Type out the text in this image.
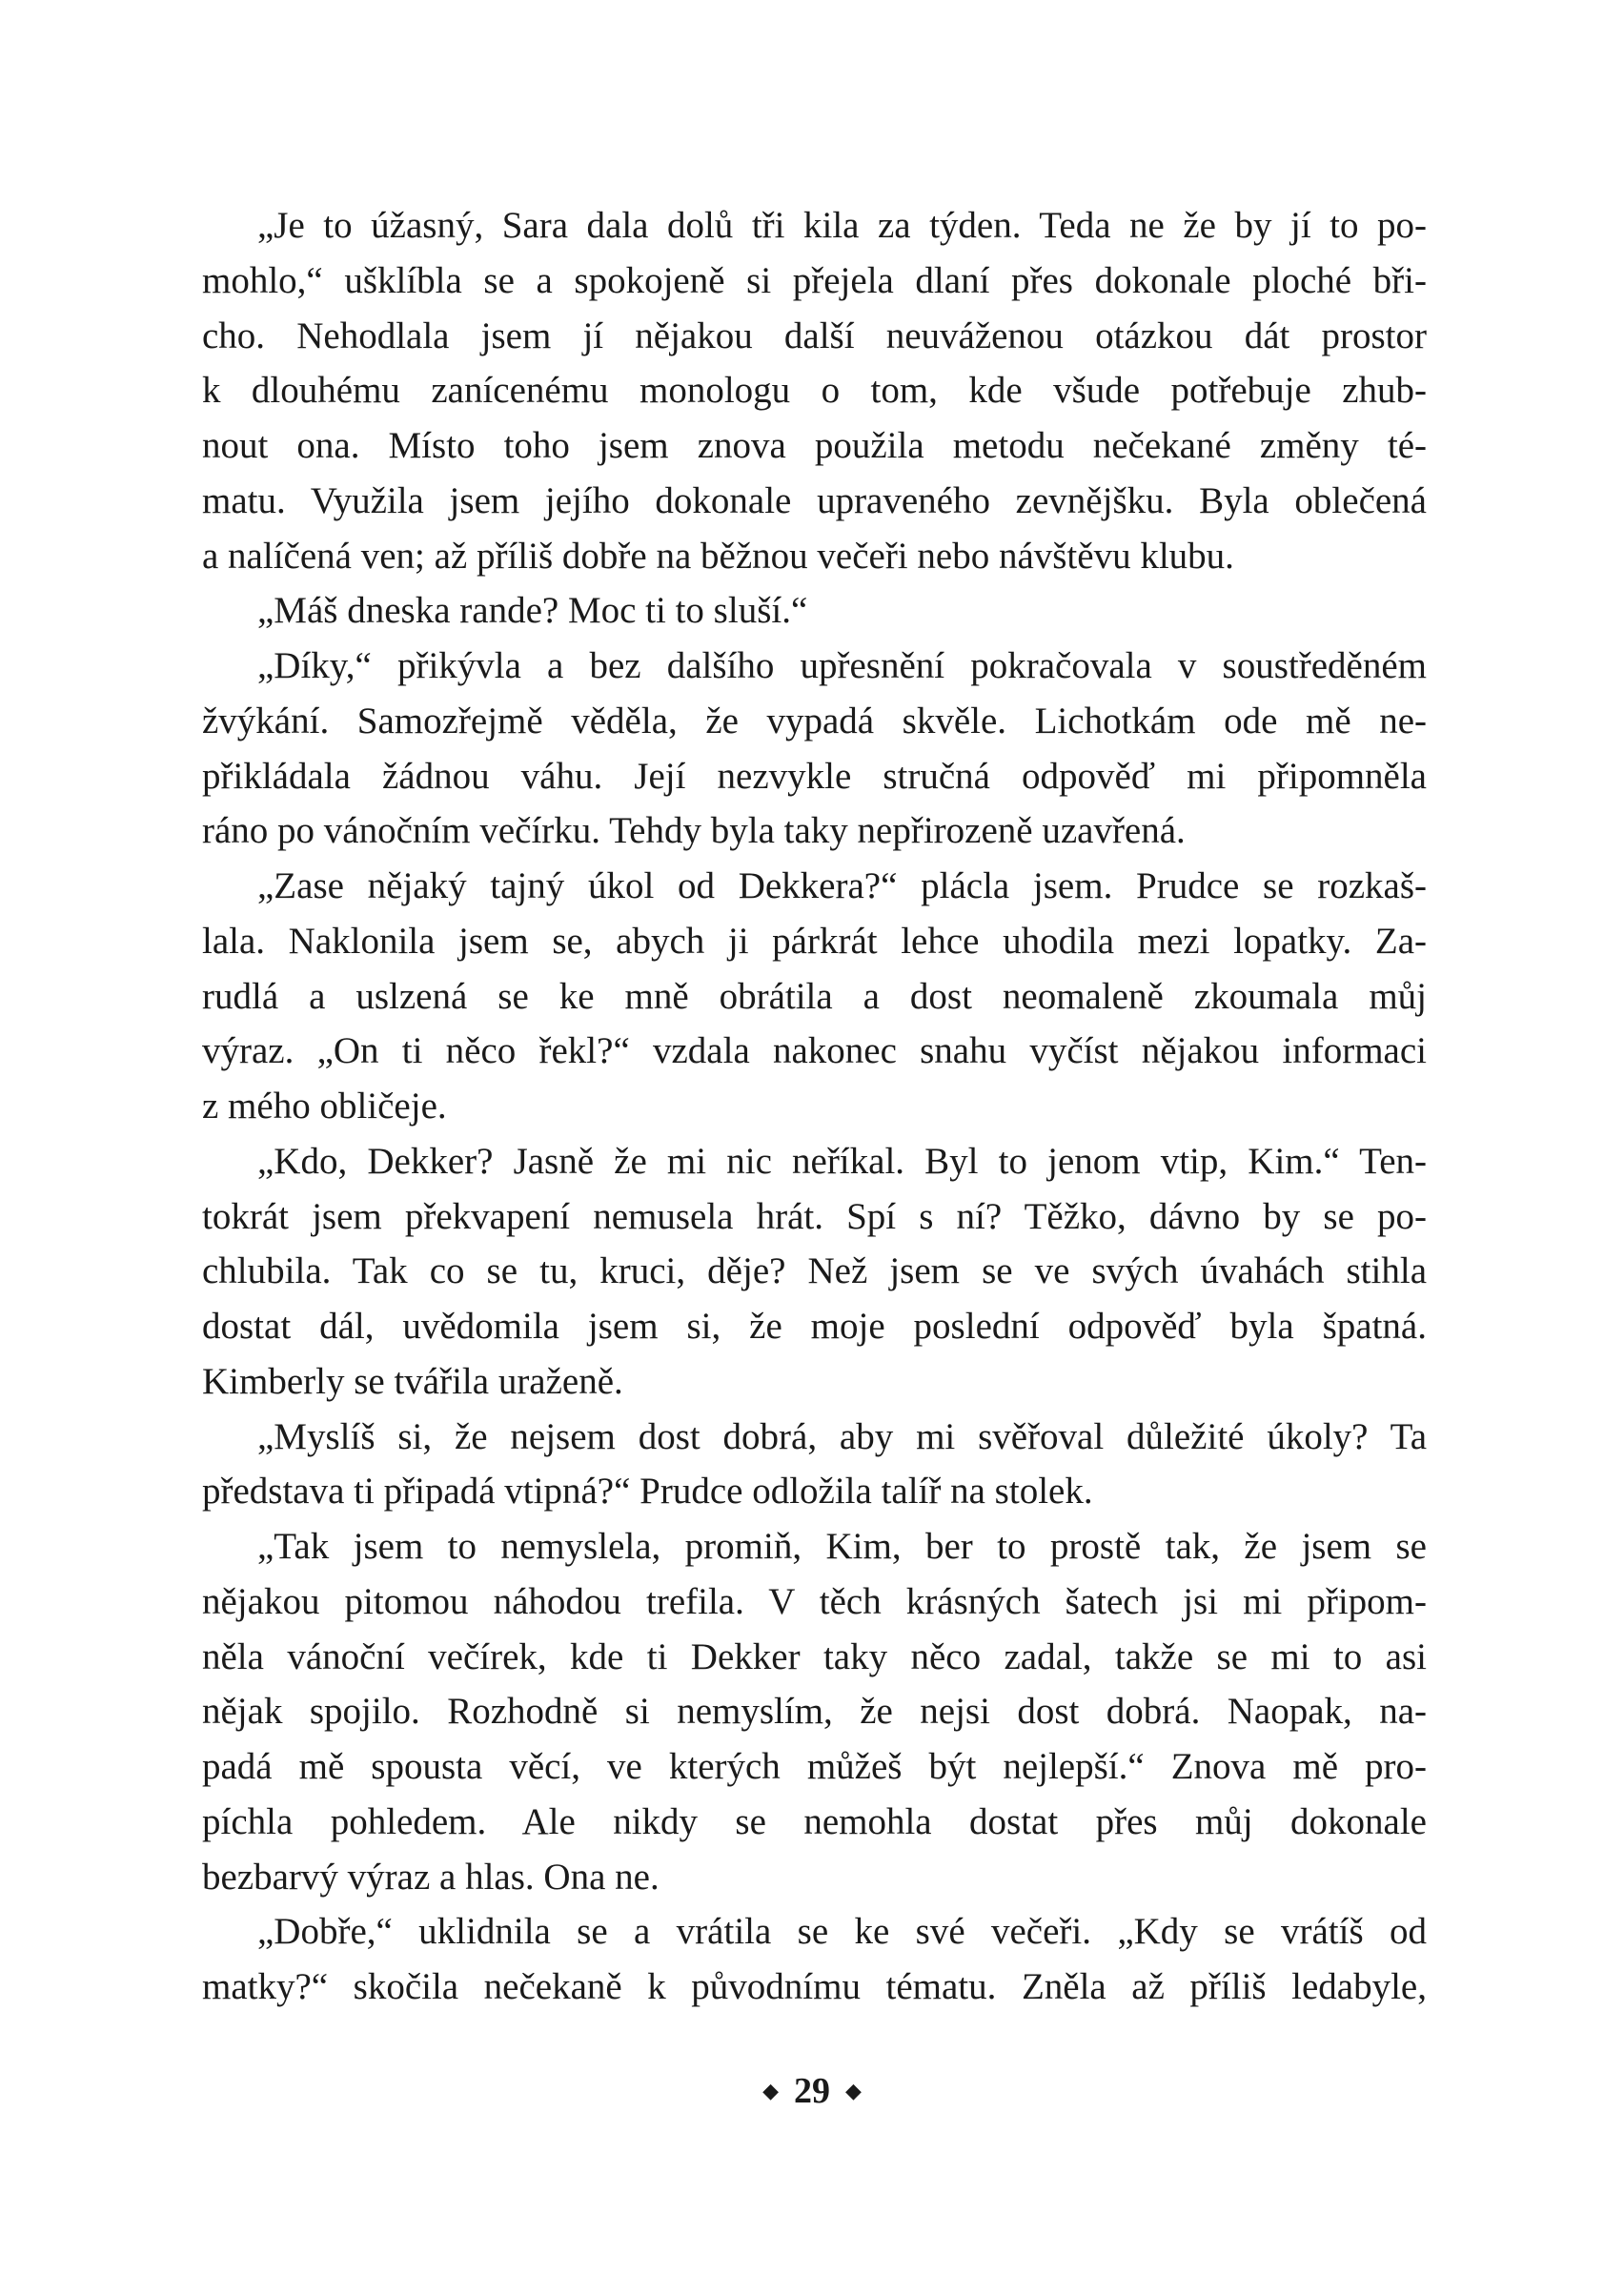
„Je to úžasný, Sara dala dolů tři kila za týden. Teda ne že by jí to po-
mohlo,“ ušklíbla se a spokojeně si přejela dlaní přes dokonale ploché bři-
cho. Nehodlala jsem jí nějakou další neuváženou otázkou dát prostor
k dlouhému zanícenému monologu o tom, kde všude potřebuje zhub-
nout ona. Místo toho jsem znova použila metodu nečekané změny té-
matu. Využila jsem jejího dokonale upraveného zevnějšku. Byla oblečená
a nalíčená ven; až příliš dobře na běžnou večeři nebo návštěvu klubu.
„Máš dneska rande? Moc ti to sluší.“
„Díky,“ přikývla a bez dalšího upřesnění pokračovala v soustředěném
žvýkání. Samozřejmě věděla, že vypadá skvěle. Lichotkám ode mě ne-
přikládala žádnou váhu. Její nezvykle stručná odpověď mi připomněla
ráno po vánočním večírku. Tehdy byla taky nepřirozeně uzavřená.
„Zase nějaký tajný úkol od Dekkera?“ plácla jsem. Prudce se rozkaš-
lala. Naklonila jsem se, abych ji párkrát lehce uhodila mezi lopatky. Za-
rudlá a uslzená se ke mně obrátila a dost neomaleně zkoumala můj
výraz. „On ti něco řekl?“ vzdala nakonec snahu vyčíst nějakou informaci
z mého obličeje.
„Kdo, Dekker? Jasně že mi nic neříkal. Byl to jenom vtip, Kim.“ Ten-
tokrát jsem překvapení nemusela hrát. Spí s ní? Těžko, dávno by se po-
chlubila. Tak co se tu, kruci, děje? Než jsem se ve svých úvahách stihla
dostat dál, uvědomila jsem si, že moje poslední odpověď byla špatná.
Kimberly se tvářila uraženě.
„Myslíš si, že nejsem dost dobrá, aby mi svěřoval důležité úkoly? Ta
představa ti připadá vtipná?“ Prudce odložila talíř na stolek.
„Tak jsem to nemyslela, promiň, Kim, ber to prostě tak, že jsem se
nějakou pitomou náhodou trefila. V těch krásných šatech jsi mi připom-
něla vánoční večírek, kde ti Dekker taky něco zadal, takže se mi to asi
nějak spojilo. Rozhodně si nemyslím, že nejsi dost dobrá. Naopak, na-
padá mě spousta věcí, ve kterých můžeš být nejlepší.“ Znova mě pro-
píchla pohledem. Ale nikdy se nemohla dostat přes můj dokonale
bezbarvý výraz a hlas. Ona ne.
„Dobře,“ uklidnila se a vrátila se ke své večeři. „Kdy se vrátíš od
matky?“ skočila nečekaně k původnímu tématu. Zněla až příliš ledabyle,
◆ 29 ◆
